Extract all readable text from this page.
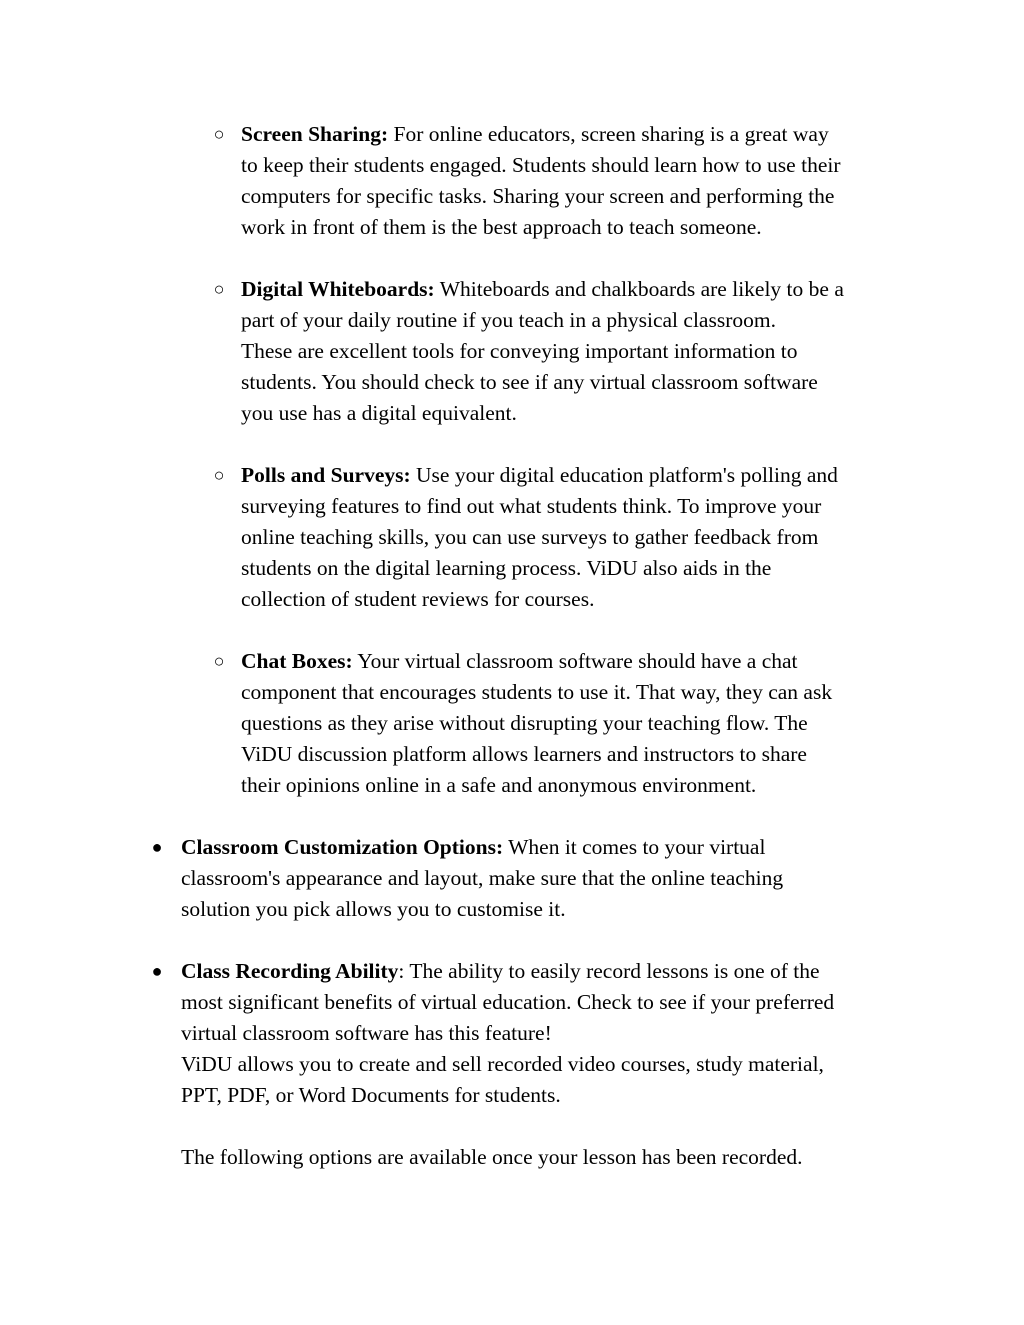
○ Screen Sharing: For online educators, screen sharing is a great way
to keep their students engaged. Students should learn how to use their
computers for specific tasks. Sharing your screen and performing the
work in front of them is the best approach to teach someone.
○ Digital Whiteboards: Whiteboards and chalkboards are likely to be a
part of your daily routine if you teach in a physical classroom.
These are excellent tools for conveying important information to
students. You should check to see if any virtual classroom software
you use has a digital equivalent.
○ Polls and Surveys: Use your digital education platform's polling and
surveying features to find out what students think. To improve your
online teaching skills, you can use surveys to gather feedback from
students on the digital learning process. ViDU also aids in the
collection of student reviews for courses.
○ Chat Boxes: Your virtual classroom software should have a chat
component that encourages students to use it. That way, they can ask
questions as they arise without disrupting your teaching flow. The
ViDU discussion platform allows learners and instructors to share
their opinions online in a safe and anonymous environment.
● Classroom Customization Options: When it comes to your virtual
classroom's appearance and layout, make sure that the online teaching
solution you pick allows you to customise it.
● Class Recording Ability: The ability to easily record lessons is one of the
most significant benefits of virtual education. Check to see if your preferred
virtual classroom software has this feature!
ViDU allows you to create and sell recorded video courses, study material,
PPT, PDF, or Word Documents for students.

The following options are available once your lesson has been recorded.
